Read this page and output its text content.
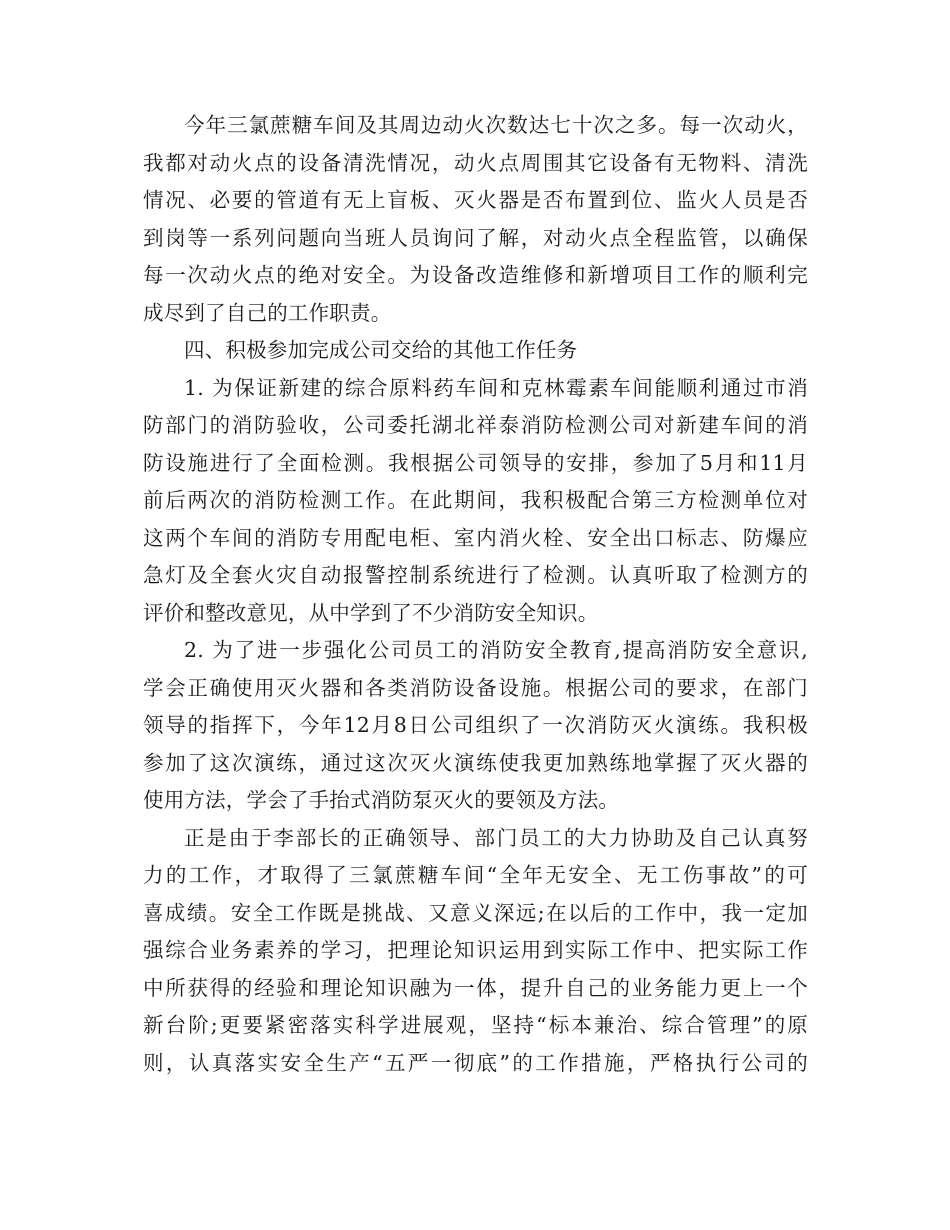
今年三氯蔗糖车间及其周边动火次数达七十次之多。每一次动火，
我都对动火点的设备清洗情况，动火点周围其它设备有无物料、清洗
情况、必要的管道有无上盲板、灭火器是否布置到位、监火人员是否
到岗等一系列问题向当班人员询问了解，对动火点全程监管，以确保
每一次动火点的绝对安全。为设备改造维修和新增项目工作的顺利完
成尽到了自己的工作职责。
四、积极参加完成公司交给的其他工作任务
1. 为保证新建的综合原料药车间和克林霉素车间能顺利通过市消
防部门的消防验收，公司委托湖北祥泰消防检测公司对新建车间的消
防设施进行了全面检测。我根据公司领导的安排，参加了5月和11月
前后两次的消防检测工作。在此期间，我积极配合第三方检测单位对
这两个车间的消防专用配电柜、室内消火栓、安全出口标志、防爆应
急灯及全套火灾自动报警控制系统进行了检测。认真听取了检测方的
评价和整改意见，从中学到了不少消防安全知识。
2. 为了进一步强化公司员工的消防安全教育,提高消防安全意识,
学会正确使用灭火器和各类消防设备设施。根据公司的要求，在部门
领导的指挥下，今年12月8日公司组织了一次消防灭火演练。我积极
参加了这次演练，通过这次灭火演练使我更加熟练地掌握了灭火器的
使用方法，学会了手抬式消防泵灭火的要领及方法。
正是由于李部长的正确领导、部门员工的大力协助及自己认真努
力的工作，才取得了三氯蔗糖车间“全年无安全、无工伤事故”的可
喜成绩。安全工作既是挑战、又意义深远;在以后的工作中，我一定加
强综合业务素养的学习，把理论知识运用到实际工作中、把实际工作
中所获得的经验和理论知识融为一体，提升自己的业务能力更上一个
新台阶;更要紧密落实科学进展观，坚持“标本兼治、综合管理”的原
则，认真落实安全生产“五严一彻底”的工作措施，严格执行公司的
